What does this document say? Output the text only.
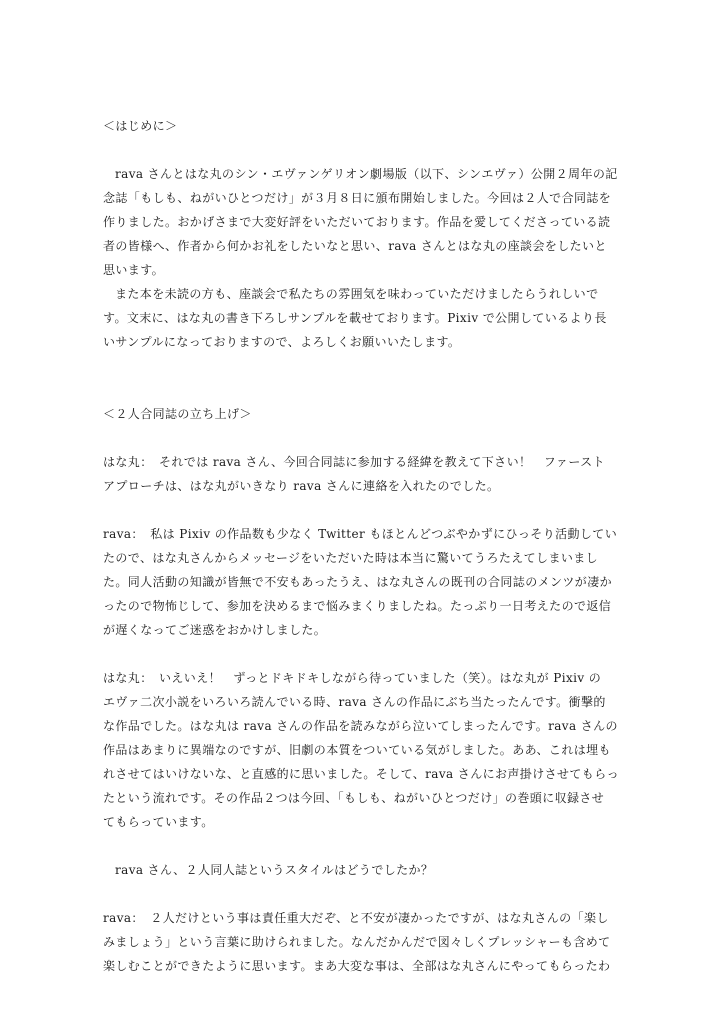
＜はじめに＞
rava さんとはな丸のシン・エヴァンゲリオン劇場版（以下、シンエヴァ）公開２周年の記
念誌「もしも、ねがいひとつだけ」が３月８日に頒布開始しました。今回は２人で合同誌を
作りました。おかげさまで大変好評をいただいております。作品を愛してくださっている読
者の皆様へ、作者から何かお礼をしたいなと思い、rava さんとはな丸の座談会をしたいと
思います。
また本を未読の方も、座談会で私たちの雰囲気を味わっていただけましたらうれしいで
す。文末に、はな丸の書き下ろしサンプルを載せております。Pixiv で公開しているより長
いサンプルになっておりますので、よろしくお願いいたします。
＜２人合同誌の立ち上げ＞
はな丸：　それでは rava さん、今回合同誌に参加する経緯を教えて下さい！　ファースト
アプローチは、はな丸がいきなり rava さんに連絡を入れたのでした。
rava：　私は Pixiv の作品数も少なく Twitter もほとんどつぶやかずにひっそり活動してい
たので、はな丸さんからメッセージをいただいた時は本当に驚いてうろたえてしまいまし
た。同人活動の知識が皆無で不安もあったうえ、はな丸さんの既刊の合同誌のメンツが凄か
ったので物怖じして、参加を決めるまで悩みまくりましたね。たっぷり一日考えたので返信
が遅くなってご迷惑をおかけしました。
はな丸：　いえいえ！　ずっとドキドキしながら待っていました（笑）。はな丸が Pixiv の
エヴァ二次小説をいろいろ読んでいる時、rava さんの作品にぶち当たったんです。衝撃的
な作品でした。はな丸は rava さんの作品を読みながら泣いてしまったんです。rava さんの
作品はあまりに異端なのですが、旧劇の本質をついている気がしました。ああ、これは埋も
れさせてはいけないな、と直感的に思いました。そして、rava さんにお声掛けさせてもらっ
たという流れです。その作品２つは今回、「もしも、ねがいひとつだけ」の巻頭に収録させ
てもらっています。
rava さん、２人同人誌というスタイルはどうでしたか？
rava：　２人だけという事は責任重大だぞ、と不安が凄かったですが、はな丸さんの「楽し
みましょう」という言葉に助けられました。なんだかんだで図々しくプレッシャーも含めて
楽しむことができたように思います。まあ大変な事は、全部はな丸さんにやってもらったわ
